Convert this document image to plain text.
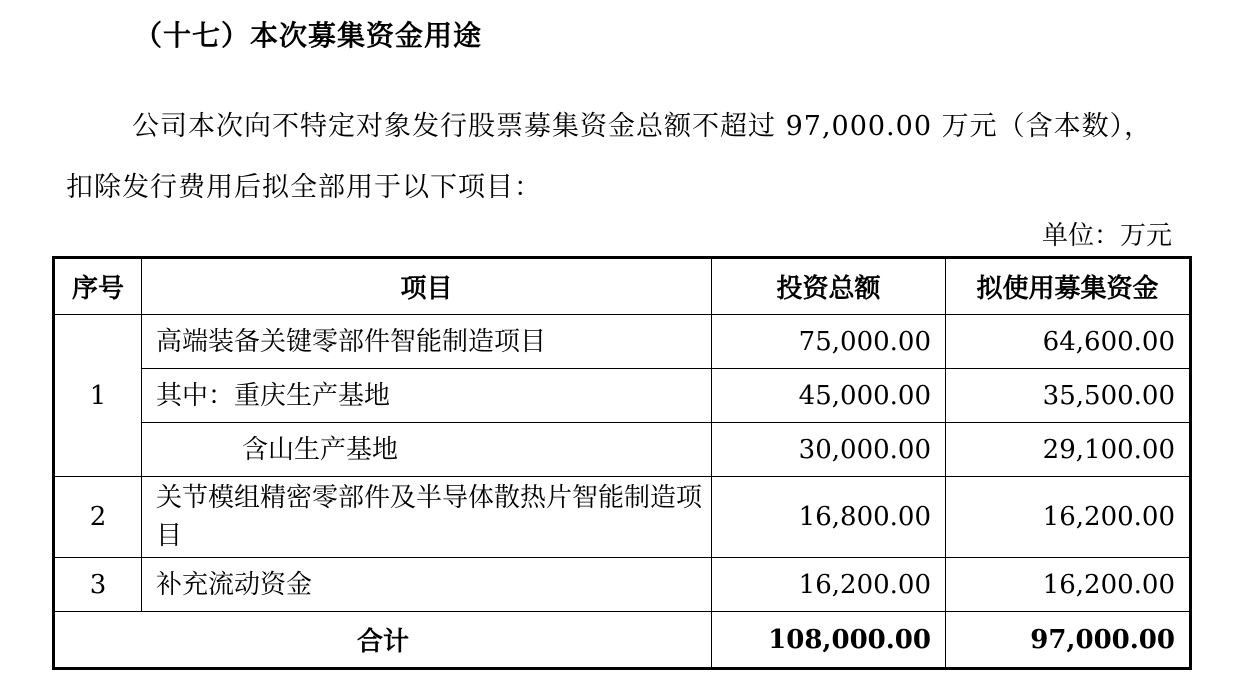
（十七）本次募集资金用途
公司本次向不特定对象发行股票募集资金总额不超过 97,000.00 万元（含本数），扣除发行费用后拟全部用于以下项目：
单位：万元
序号	项目	投资总额	拟使用募集资金
1	高端装备关键零部件智能制造项目	75,000.00	64,600.00
	其中：重庆生产基地	45,000.00	35,500.00
	含山生产基地	30,000.00	29,100.00
2	关节模组精密零部件及半导体散热片智能制造项目	16,800.00	16,200.00
3	补充流动资金	16,200.00	16,200.00
合计		108,000.00	97,000.00
